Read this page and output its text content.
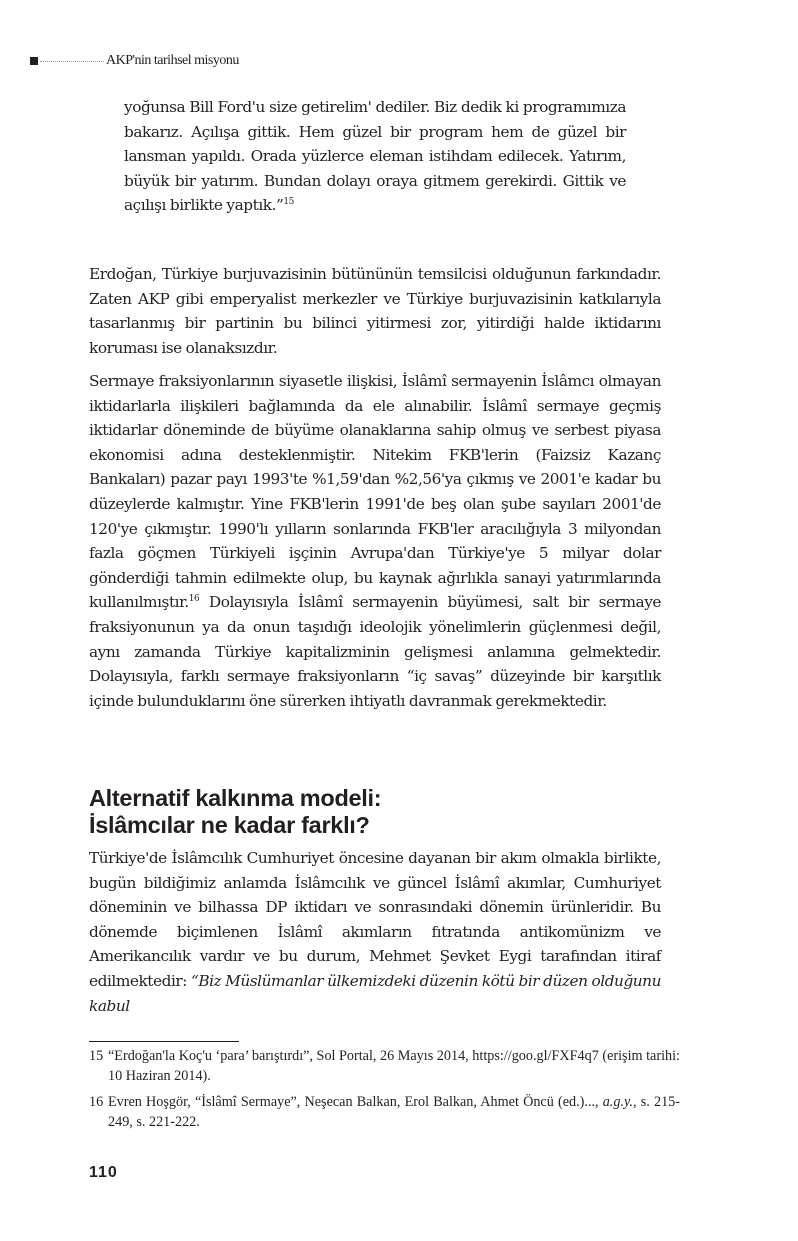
AKP'nin tarihsel misyonu
yoğunsa Bill Ford'u size getirelim' dediler. Biz dedik ki programımıza bakarız. Açılışa gittik. Hem güzel bir program hem de güzel bir lansman yapıldı. Orada yüzlerce eleman istihdam edilecek. Yatırım, büyük bir yatırım. Bundan dolayı oraya gitmem gerekirdi. Gittik ve açılışı birlikte yaptık.”$^{15}$

Erdoğan, Türkiye burjuvazisinin bütününün temsilcisi olduğunun farkındadır. Zaten AKP gibi emperyalist merkezler ve Türkiye burjuvazisinin katkılarıyla tasarlanmış bir partinin bu bilinci yitirmesi zor, yitirdiği halde iktidarını koruması ise olanaksızdır.

Sermaye fraksiyonlarının siyasetle ilişkisi, İslâmî sermayenin İslâmcı olmayan iktidarlarla ilişkileri bağlamında da ele alınabilir. İslâmî sermaye geçmiş iktidarlar döneminde de büyüme olanaklarına sahip olmuş ve serbest piyasa ekonomisi adına desteklenmiştir. Nitekim FKB'lerin (Faizsiz Kazanç Bankaları) pazar payı 1993'te %1,59'dan %2,56'ya çıkmış ve 2001'e kadar bu düzeylerde kalmıştır. Yine FKB'lerin 1991'de beş olan şube sayıları 2001'de 120'ye çıkmıştır. 1990'lı yılların sonlarında FKB'ler aracılığıyla 3 milyondan fazla göçmen Türkiyeli işçinin Avrupa'dan Türkiye'ye 5 milyar dolar gönderdiği tahmin edilmekte olup, bu kaynak ağırlıkla sanayi yatırımlarında kullanılmıştır.$^{16}$ Dolayısıyla İslâmî sermayenin büyümesi, salt bir sermaye fraksiyonunun ya da onun taşıdığı ideolojik yönelimlerin güçlenmesi değil, aynı zamanda Türkiye kapitalizminin gelişmesi anlamına gelmektedir. Dolayısıyla, farklı sermaye fraksiyonların “iç savaş” düzeyinde bir karşıtlık içinde bulunduklarını öne sürerken ihtiyatlı davranmak gerekmektedir.

Alternatif kalkınma modeli:
İslâmcılar ne kadar farklı?

Türkiye'de İslâmcılık Cumhuriyet öncesine dayanan bir akım olmakla birlikte, bugün bildiğimiz anlamda İslâmcılık ve güncel İslâmî akımlar, Cumhuriyet döneminin ve bilhassa DP iktidarı ve sonrasındaki dönemin ürünleridir. Bu dönemde biçimlenen İslâmî akımların fıtratında antikomünizm ve Amerikancılık vardır ve bu durum, Mehmet Şevket Eygi tarafından itiraf edilmektedir: “Biz Müslümanlar ülkemizdeki düzenin kötü bir düzen olduğunu kabul

15 “Erdoğan'la Koç'u ‘para’ barıştırdı”, Sol Portal, 26 Mayıs 2014, https://goo.gl/FXF4q7 (erişim tarihi: 10 Haziran 2014).
16 Evren Hoşgör, “İslâmî Sermaye”, Neşecan Balkan, Erol Balkan, Ahmet Öncü (ed.)..., a.g.y., s. 215-249, s. 221-222.
110
